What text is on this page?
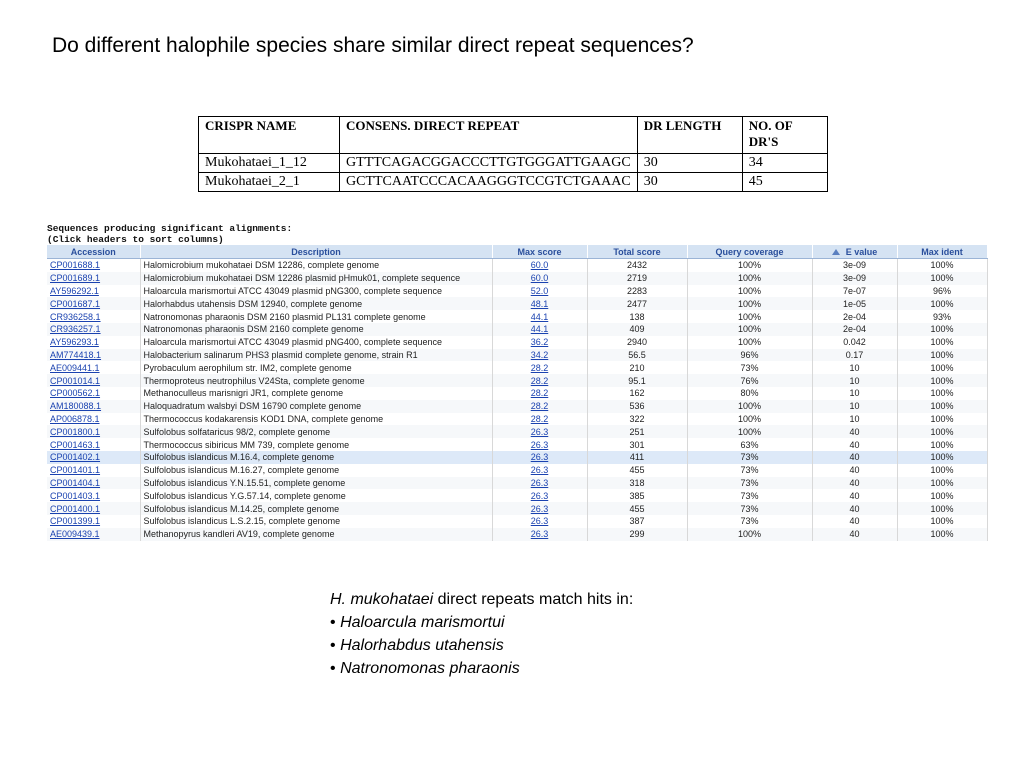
Do different halophile species share similar direct repeat sequences?
CRISPR NAME	CONSENS. DIRECT REPEAT	DR LENGTH	NO. OF DR'S
Mukohataei_1_12	GTTTCAGACGGACCCTTGTGGGATTGAAGC	30	34
Mukohataei_2_1	GCTTCAATCCCACAAGGGTCCGTCTGAAAC	30	45
Sequences producing significant alignments:
(Click headers to sort columns)
Accession	Description	Max score	Total score	Query coverage	E value	Max ident
CP001688.1	Halomicrobium mukohataei DSM 12286, complete genome	60.0	2432	100%	3e-09	100%
CP001689.1	Halomicrobium mukohataei DSM 12286 plasmid pHmuk01, complete sequence	60.0	2719	100%	3e-09	100%
AY596292.1	Haloarcula marismortui ATCC 43049 plasmid pNG300, complete sequence	52.0	2283	100%	7e-07	96%
CP001687.1	Halorhabdus utahensis DSM 12940, complete genome	48.1	2477	100%	1e-05	100%
CR936258.1	Natronomonas pharaonis DSM 2160 plasmid PL131 complete genome	44.1	138	100%	2e-04	93%
CR936257.1	Natronomonas pharaonis DSM 2160 complete genome	44.1	409	100%	2e-04	100%
AY596293.1	Haloarcula marismortui ATCC 43049 plasmid pNG400, complete sequence	36.2	2940	100%	0.042	100%
AM774418.1	Halobacterium salinarum PHS3 plasmid complete genome, strain R1	34.2	56.5	96%	0.17	100%
AE009441.1	Pyrobaculum aerophilum str. IM2, complete genome	28.2	210	73%	10	100%
CP001014.1	Thermoproteus neutrophilus V24Sta, complete genome	28.2	95.1	76%	10	100%
CP000562.1	Methanoculleus marisnigri JR1, complete genome	28.2	162	80%	10	100%
AM180088.1	Haloquadratum walsbyi DSM 16790 complete genome	28.2	536	100%	10	100%
AP006878.1	Thermococcus kodakarensis KOD1 DNA, complete genome	28.2	322	100%	10	100%
CP001800.1	Sulfolobus solfataricus 98/2, complete genome	26.3	251	100%	40	100%
CP001463.1	Thermococcus sibiricus MM 739, complete genome	26.3	301	63%	40	100%
CP001402.1	Sulfolobus islandicus M.16.4, complete genome	26.3	411	73%	40	100%
CP001401.1	Sulfolobus islandicus M.16.27, complete genome	26.3	455	73%	40	100%
CP001404.1	Sulfolobus islandicus Y.N.15.51, complete genome	26.3	318	73%	40	100%
CP001403.1	Sulfolobus islandicus Y.G.57.14, complete genome	26.3	385	73%	40	100%
CP001400.1	Sulfolobus islandicus M.14.25, complete genome	26.3	455	73%	40	100%
CP001399.1	Sulfolobus islandicus L.S.2.15, complete genome	26.3	387	73%	40	100%
AE009439.1	Methanopyrus kandleri AV19, complete genome	26.3	299	100%	40	100%
H. mukohataei direct repeats match hits in:
• Haloarcula marismortui
• Halorhabdus utahensis
• Natronomonas pharaonis
